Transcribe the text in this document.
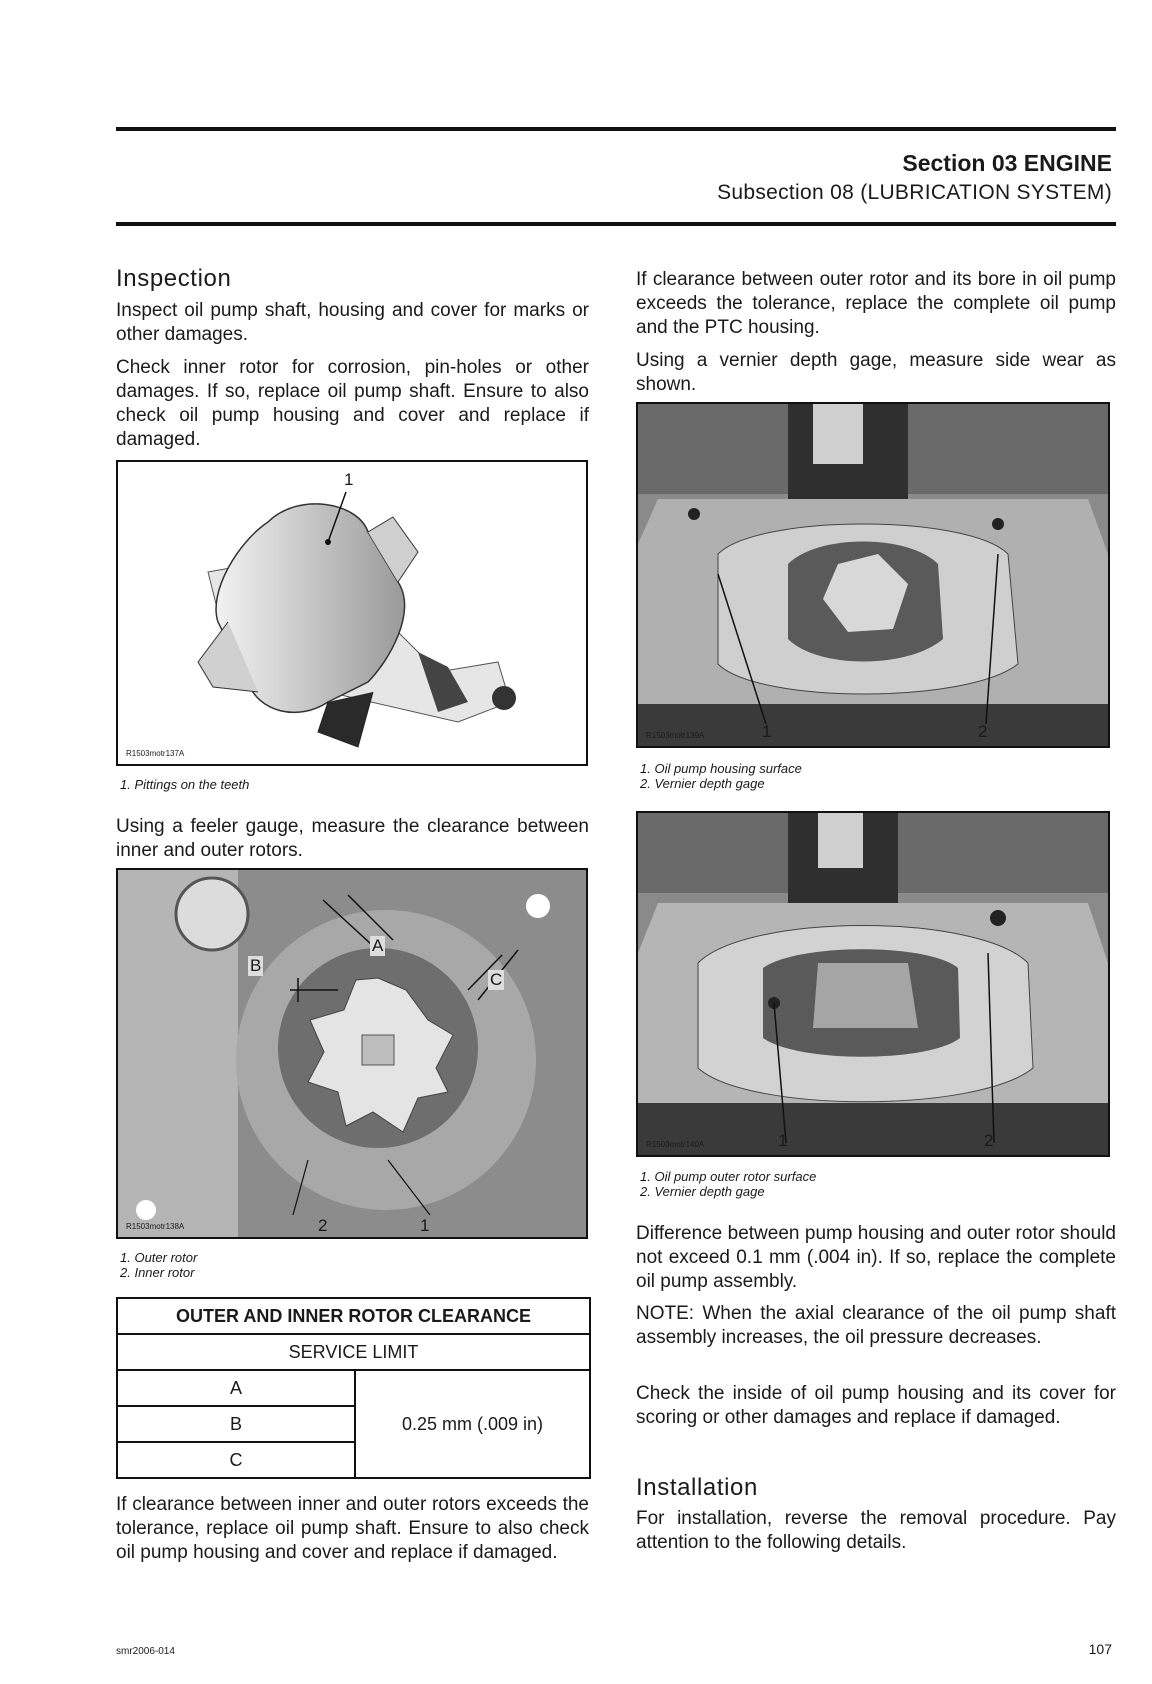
Section 03 ENGINE
Subsection 08 (LUBRICATION SYSTEM)
Inspection
Inspect oil pump shaft, housing and cover for marks or other damages.
Check inner rotor for corrosion, pin-holes or other damages. If so, replace oil pump shaft. Ensure to also check oil pump housing and cover and replace if damaged.
1
R1503motr137A
1. Pittings on the teeth
Using a feeler gauge, measure the clearance between inner and outer rotors.
A
B
C
2	1
R1503motr138A
1. Outer rotor
2. Inner rotor
OUTER AND INNER ROTOR CLEARANCE
SERVICE LIMIT
A	0.25 mm (.009 in)
B
C
If clearance between inner and outer rotors exceeds the tolerance, replace oil pump shaft. Ensure to also check oil pump housing and cover and replace if damaged.
If clearance between outer rotor and its bore in oil pump exceeds the tolerance, replace the complete oil pump and the PTC housing.
Using a vernier depth gage, measure side wear as shown.
1	2
R1503motr139A
1. Oil pump housing surface
2. Vernier depth gage
1	2
R1503motr140A
1. Oil pump outer rotor surface
2. Vernier depth gage
Difference between pump housing and outer rotor should not exceed 0.1 mm (.004 in). If so, replace the complete oil pump assembly.
NOTE: When the axial clearance of the oil pump shaft assembly increases, the oil pressure decreases.
Check the inside of oil pump housing and its cover for scoring or other damages and replace if damaged.
Installation
For installation, reverse the removal procedure. Pay attention to the following details.
smr2006-014	107
